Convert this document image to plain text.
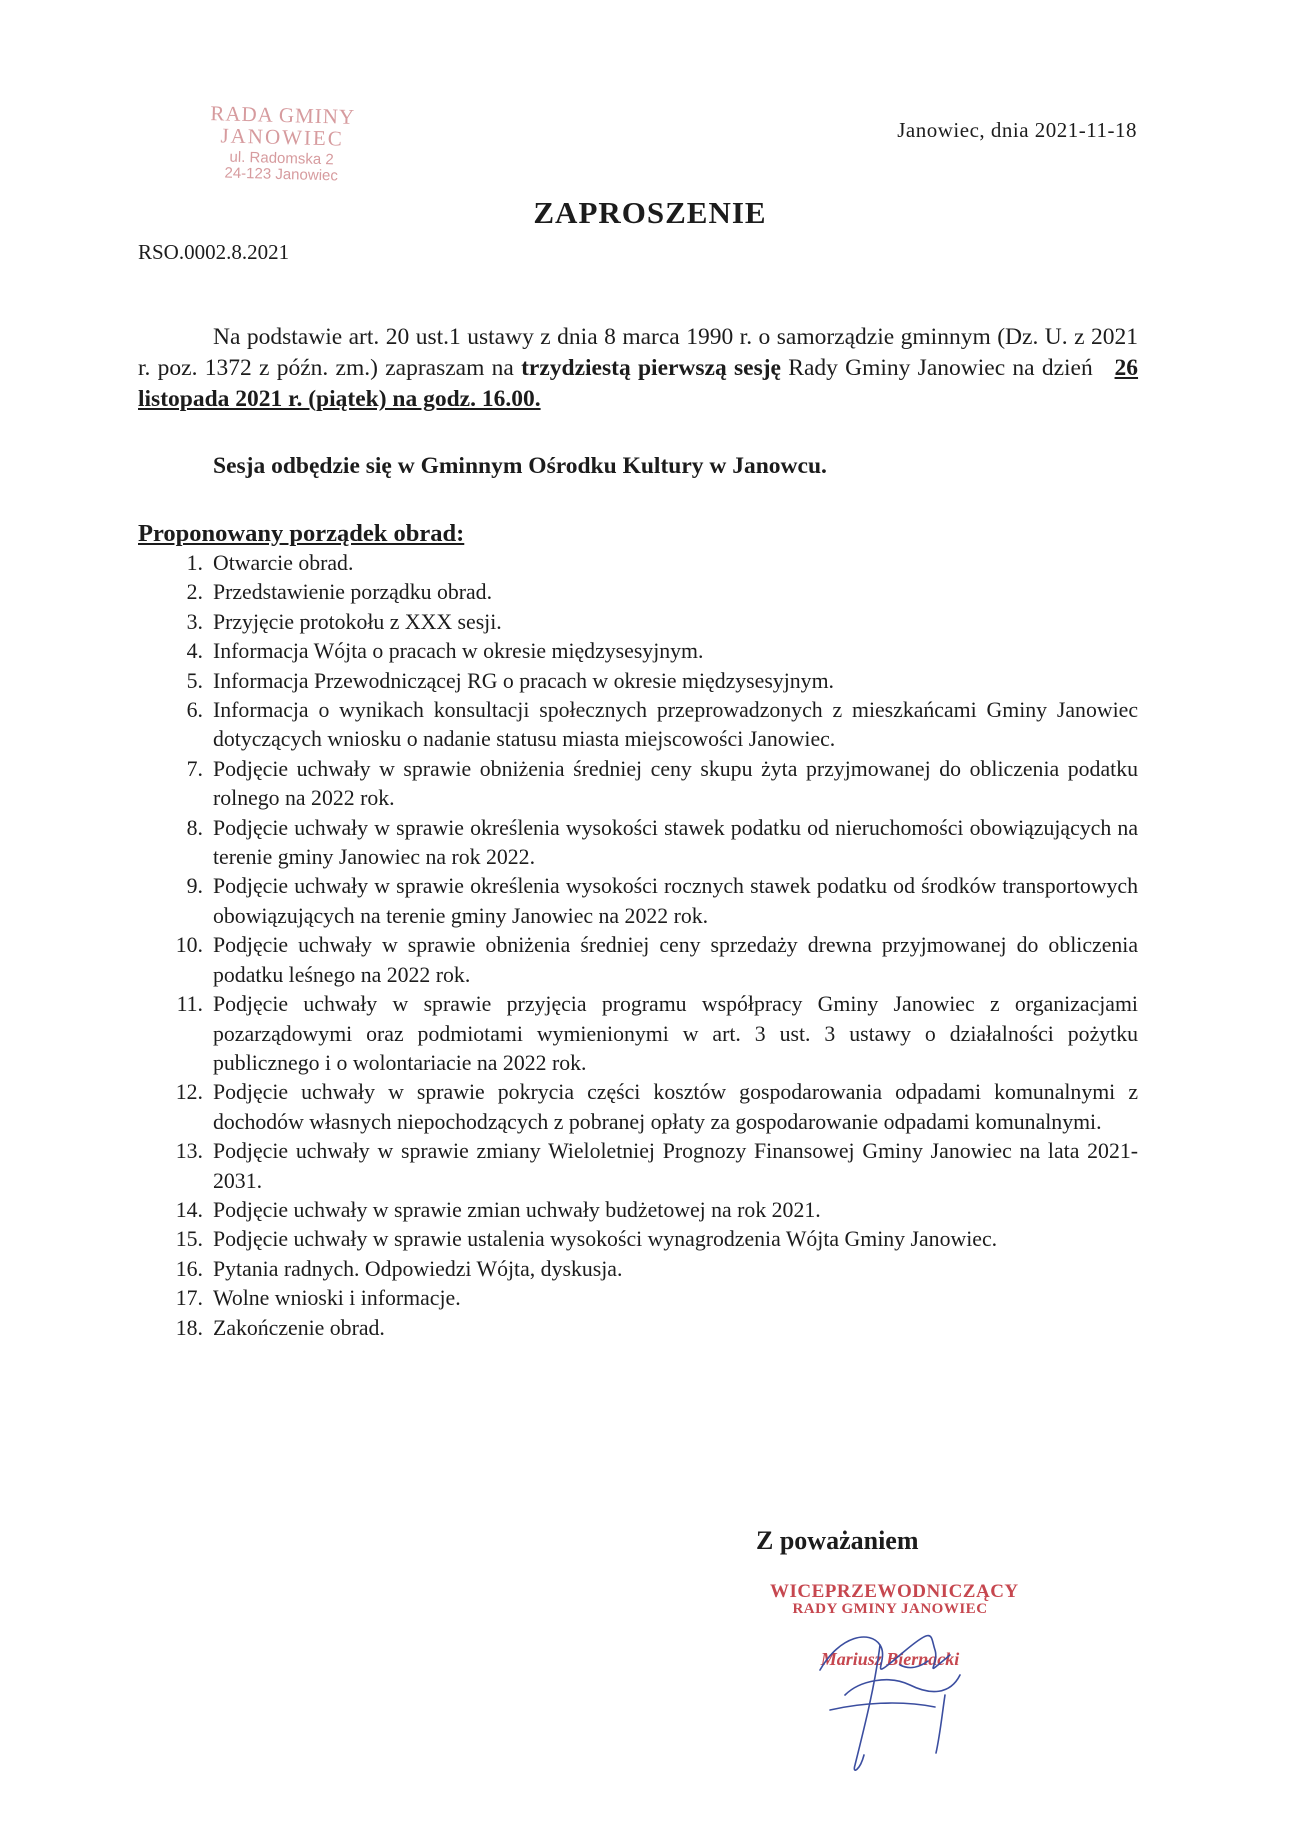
RADA GMINY
JANOWIEC
ul. Radomska 2
24-123 Janowiec
Janowiec, dnia 2021-11-18
ZAPROSZENIE
RSO.0002.8.2021
Na podstawie art. 20 ust.1 ustawy z dnia 8 marca 1990 r. o samorządzie gminnym (Dz. U. z 2021 r. poz. 1372 z późn. zm.) zapraszam na trzydziestą pierwszą sesję Rady Gminy Janowiec na dzień 26 listopada 2021 r. (piątek) na godz. 16.00.
Sesja odbędzie się w Gminnym Ośrodku Kultury w Janowcu.
Proponowany porządek obrad:
1. Otwarcie obrad.
2. Przedstawienie porządku obrad.
3. Przyjęcie protokołu z XXX sesji.
4. Informacja Wójta o pracach w okresie międzysesyjnym.
5. Informacja Przewodniczącej RG o pracach w okresie międzysesyjnym.
6. Informacja o wynikach konsultacji społecznych przeprowadzonych z mieszkańcami Gminy Janowiec dotyczących wniosku o nadanie statusu miasta miejscowości Janowiec.
7. Podjęcie uchwały w sprawie obniżenia średniej ceny skupu żyta przyjmowanej do obliczenia podatku rolnego na 2022 rok.
8. Podjęcie uchwały w sprawie określenia wysokości stawek podatku od nieruchomości obowiązujących na terenie gminy Janowiec na rok 2022.
9. Podjęcie uchwały w sprawie określenia wysokości rocznych stawek podatku od środków transportowych obowiązujących na terenie gminy Janowiec na 2022 rok.
10. Podjęcie uchwały w sprawie obniżenia średniej ceny sprzedaży drewna przyjmowanej do obliczenia podatku leśnego na 2022 rok.
11. Podjęcie uchwały w sprawie przyjęcia programu współpracy Gminy Janowiec z organizacjami pozarządowymi oraz podmiotami wymienionymi w art. 3 ust. 3 ustawy o działalności pożytku publicznego i o wolontariacie na 2022 rok.
12. Podjęcie uchwały w sprawie pokrycia części kosztów gospodarowania odpadami komunalnymi z dochodów własnych niepochodzących z pobranej opłaty za gospodarowanie odpadami komunalnymi.
13. Podjęcie uchwały w sprawie zmiany Wieloletniej Prognozy Finansowej Gminy Janowiec na lata 2021-2031.
14. Podjęcie uchwały w sprawie zmian uchwały budżetowej na rok 2021.
15. Podjęcie uchwały w sprawie ustalenia wysokości wynagrodzenia Wójta Gminy Janowiec.
16. Pytania radnych. Odpowiedzi Wójta, dyskusja.
17. Wolne wnioski i informacje.
18. Zakończenie obrad.
Z poważaniem
WICEPRZEWODNICZĄCY
RADY GMINY JANOWIEC
Mariusz Biernacki
